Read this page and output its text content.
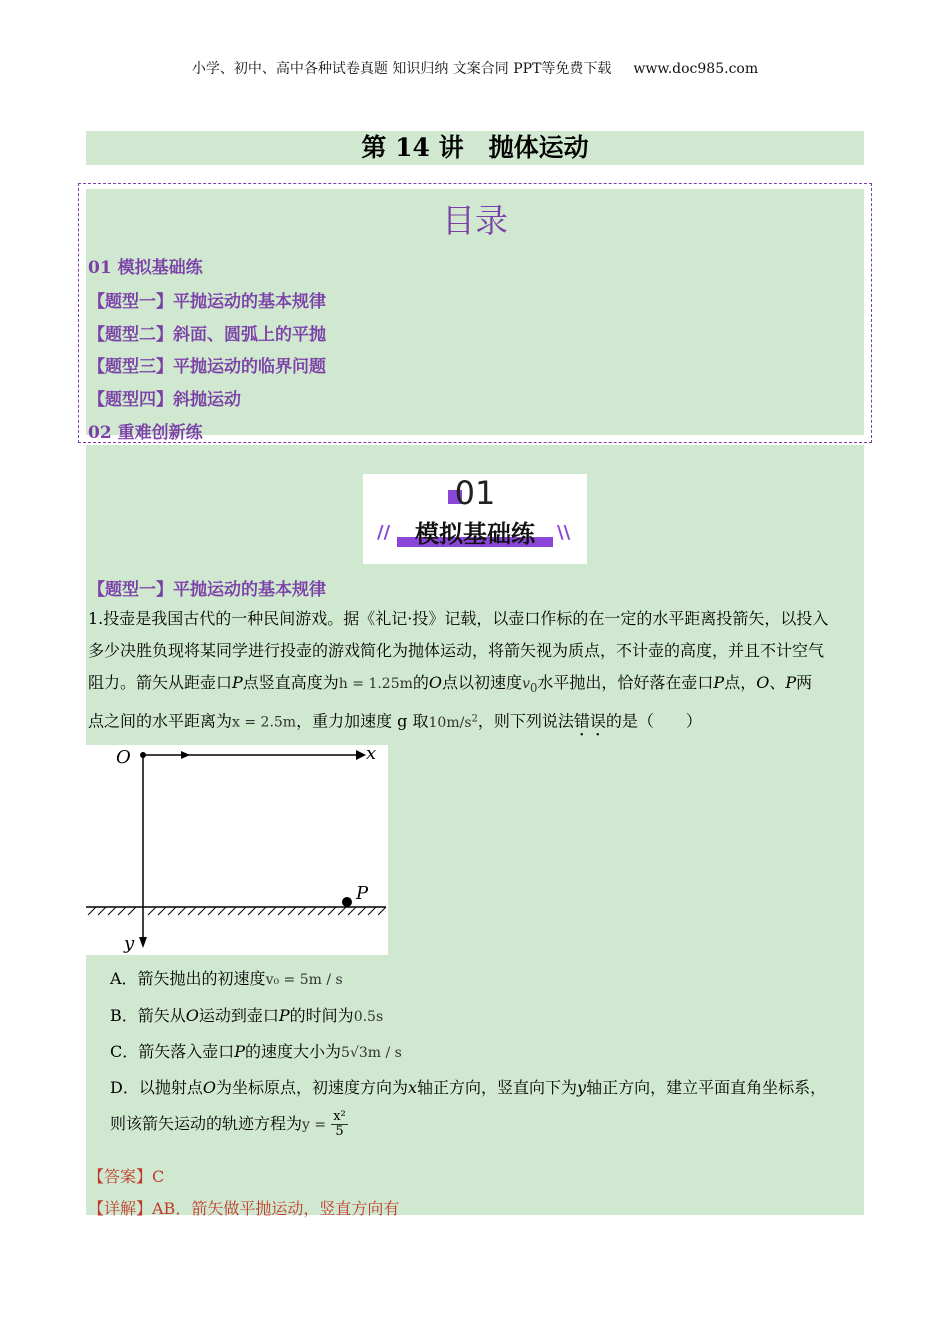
小学、初中、高中各种试卷真题 知识归纳 文案合同 PPT等免费下载 www.doc985.com
第 14 讲　抛体运动
目录
01 模拟基础练
【题型一】平抛运动的基本规律
【题型二】斜面、圆弧上的平抛
【题型三】平抛运动的临界问题
【题型四】斜抛运动
02 重难创新练
01
模拟基础练
//	\\
【题型一】平抛运动的基本规律
1.投壶是我国古代的一种民间游戏。据《礼记·投》记载，以壶口作标的在一定的水平距离投箭矢，以投入
多少决胜负现将某同学进行投壶的游戏简化为抛体运动，将箭矢视为质点，不计壶的高度，并且不计空气
阻力。箭矢从距壶口P点竖直高度为h = 1.25m的O点以初速度$v_0$水平抛出，恰好落在壶口P点，O、P两
点之间的水平距离为x = 2.5m，重力加速度 g 取$10m/s^2$，则下列说法错误的是（　　）
O	x
y
P
A．箭矢抛出的初速度v₀ = 5m / s
B．箭矢从O运动到壶口P的时间为0.5s
C．箭矢落入壶口P的速度大小为5√3m / s
D．以抛射点O为坐标原点，初速度方向为x轴正方向，竖直向下为y轴正方向，建立平面直角坐标系，
则该箭矢运动的轨迹方程为$y = \frac{\text{x²}}{5}$
【答案】C
【详解】AB．箭矢做平抛运动，竖直方向有
